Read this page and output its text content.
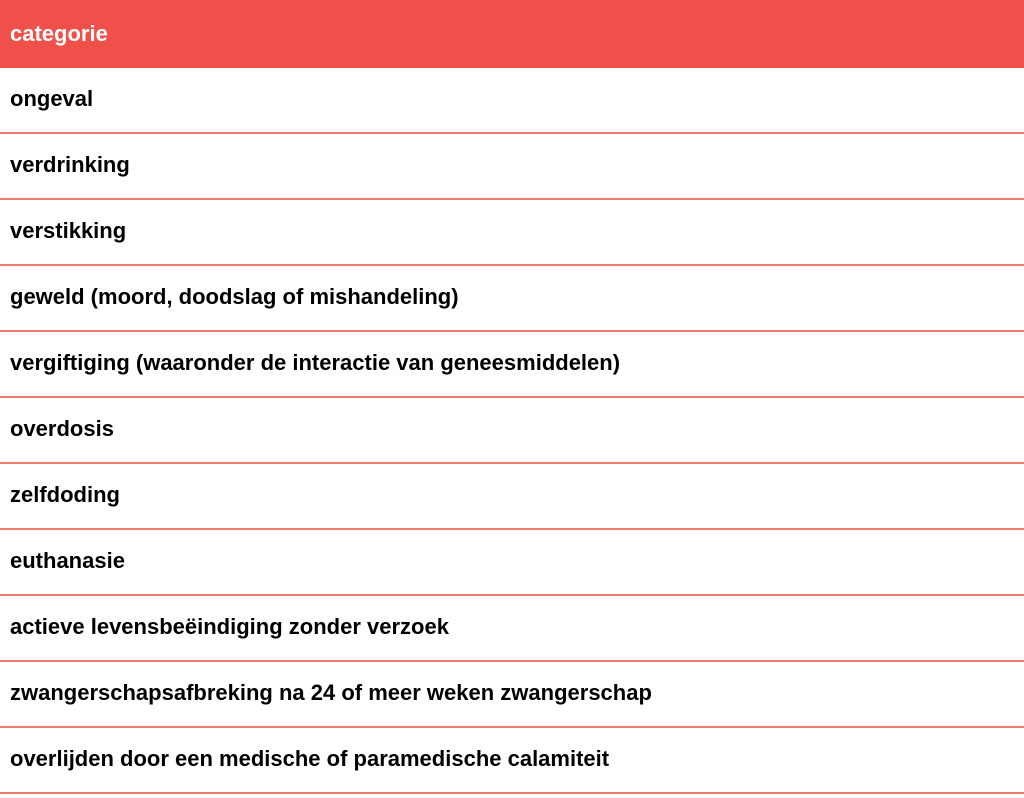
categorie
ongeval
verdrinking
verstikking
geweld (moord, doodslag of mishandeling)
vergiftiging (waaronder de interactie van geneesmiddelen)
overdosis
zelfdoding
euthanasie
actieve levensbeëindiging zonder verzoek
zwangerschapsafbreking na 24 of meer weken zwangerschap
overlijden door een medische of paramedische calamiteit
